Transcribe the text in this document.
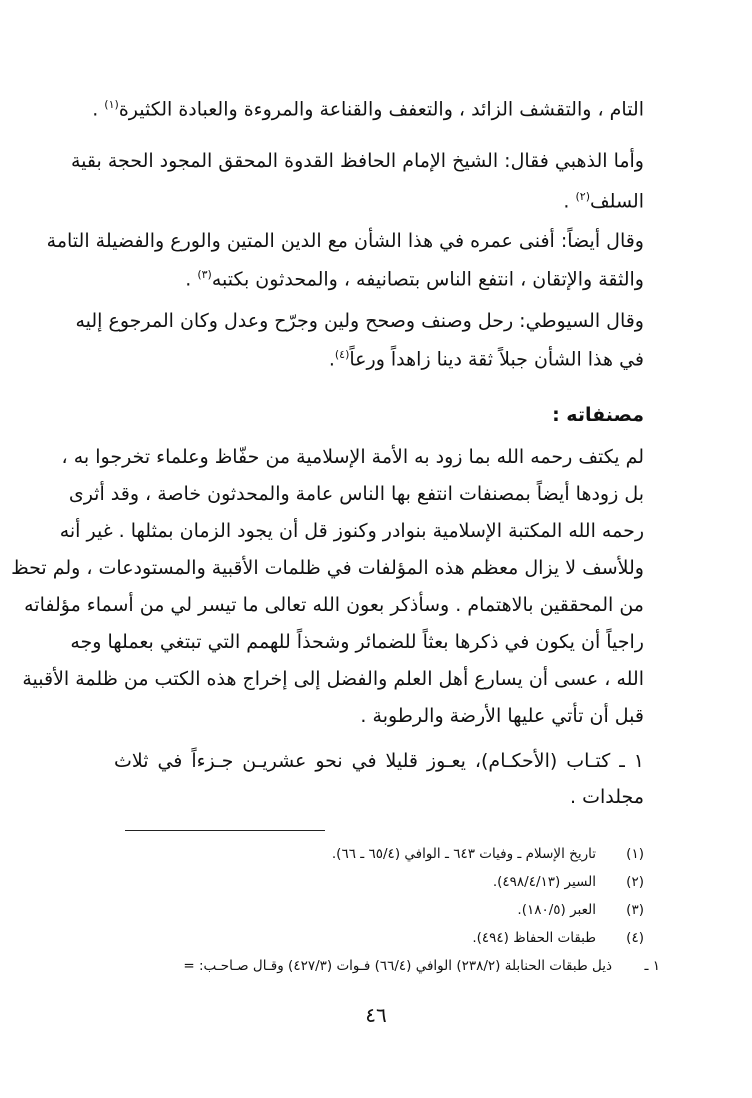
التام ، والتقشف الزائد ، والتعفف والقناعة والمروءة والعبادة الكثيرة$^{(١)}$ .
وأما الذهبي فقال: الشيخ الإمام الحافظ القدوة المحقق المجود الحجة بقية
السلف$^{(٢)}$ .
وقال أيضاً: أفنى عمره في هذا الشأن مع الدين المتين والورع والفضيلة التامة
والثقة والإتقان ، انتفع الناس بتصانيفه ، والمحدثون بكتبه$^{(٣)}$ .
وقال السيوطي: رحل وصنف وصحح ولين وجرّح وعدل وكان المرجوع إليه
في هذا الشأن جبلاً ثقة دينا زاهداً ورعاً$^{(٤)}$.
مصنفاته :
لم يكتف رحمه الله بما زود به الأمة الإسلامية من حفّاظ وعلماء تخرجوا به ،
بل زودها أيضاً بمصنفات انتفع بها الناس عامة والمحدثون خاصة ، وقد أثرى
رحمه الله المكتبة الإسلامية بنوادر وكنوز قل أن يجود الزمان بمثلها . غير أنه
وللأسف لا يزال معظم هذه المؤلفات في ظلمات الأقبية والمستودعات ، ولم تحظ
من المحققين بالاهتمام . وسأذكر بعون الله تعالى ما تيسر لي من أسماء مؤلفاته
راجياً أن يكون في ذكرها بعثاً للضمائر وشحذاً للهمم التي تبتغي بعملها وجه
الله ، عسى أن يسارع أهل العلم والفضل إلى إخراج هذه الكتب من ظلمة الأقبية
قبل أن تأتي عليها الأرضة والرطوبة .
١ ـ كتـاب (الأحكـام)، يعـوز قليلا في نحو عشريـن جـزءاً في ثلاث
مجلدات .
(١)تاريخ الإسلام ـ وفيات ٦٤٣ ـ الوافي (٦٥/٤ ـ ٦٦).
(٢)السير (٤٩٨/٤/١٣).
(٣)العبر (١٨٠/٥).
(٤)طبقات الحفاظ (٤٩٤).
١ ـذيل طبقات الحنابلة (٢٣٨/٢) الوافي (٦٦/٤) فـوات (٤٢٧/٣) وقـال صـاحـب: =
٤٦
